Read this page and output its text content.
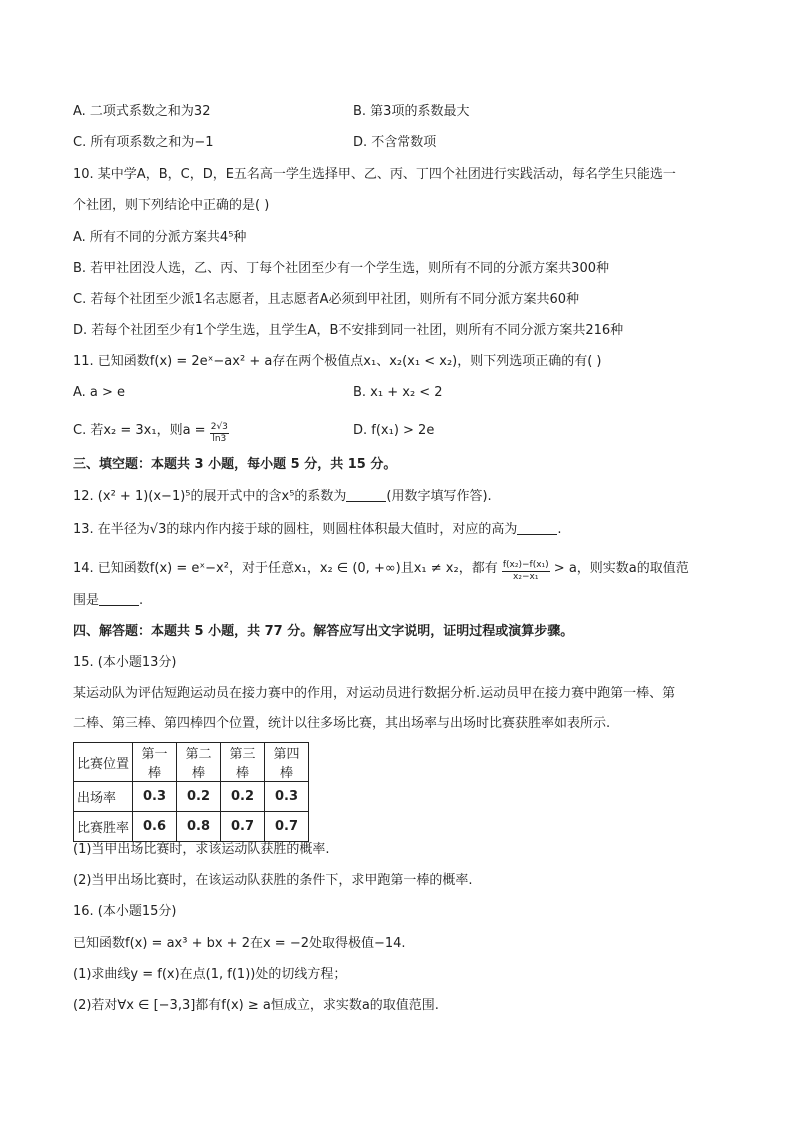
A. 二项式系数之和为32	B. 第3项的系数最大
C. 所有项系数之和为−1	D. 不含常数项
10. 某中学A，B，C，D，E五名高一学生选择甲、乙、丙、丁四个社团进行实践活动，每名学生只能选一
个社团，则下列结论中正确的是( )
A. 所有不同的分派方案共4⁵种
B. 若甲社团没人选，乙、丙、丁每个社团至少有一个学生选，则所有不同的分派方案共300种
C. 若每个社团至少派1名志愿者，且志愿者A必须到甲社团，则所有不同分派方案共60种
D. 若每个社团至少有1个学生选，且学生A，B不安排到同一社团，则所有不同分派方案共216种
11. 已知函数f(x) = 2eˣ−ax² + a存在两个极值点x₁、x₂(x₁ < x₂)，则下列选项正确的有( )
A. a > e	B. x₁ + x₂ < 2
C. 若x₂ = 3x₁，则$a = \frac{2√3}{\ln 3}$	D. f(x₁) > 2e
三、填空题：本题共 3 小题，每小题 5 分，共 15 分。
12. (x² + 1)(x−1)⁵的展开式中的含x⁵的系数为	(用数字填写作答).
13. 在半径为√3的球内作内接于球的圆柱，则圆柱体积最大值时，对应的高为	.
14. 已知函数f(x) = eˣ−x²，对于任意x₁，x₂ ∈ (0, +∞)且x₁ ≠ x₂，都有 $\frac{\text{f(x₂)−f(x₁)}}{\text{x₂−x₁}} > a$，则实数a的取值范
围是	.
四、解答题：本题共 5 小题，共 77 分。解答应写出文字说明，证明过程或演算步骤。
15. (本小题13分)
某运动队为评估短跑运动员在接力赛中的作用，对运动员进行数据分析.运动员甲在接力赛中跑第一棒、第
二棒、第三棒、第四棒四个位置，统计以往多场比赛，其出场率与出场时比赛获胜率如表所示.
比赛位置	第一棒	第二棒	第三棒	第四棒
出场率	0.3	0.2	0.2	0.3
比赛胜率	0.6	0.8	0.7	0.7
(1)当甲出场比赛时，求该运动队获胜的概率.
(2)当甲出场比赛时，在该运动队获胜的条件下，求甲跑第一棒的概率.
16. (本小题15分)
已知函数f(x) = ax³ + bx + 2在x = −2处取得极值−14.
(1)求曲线y = f(x)在点(1, f(1))处的切线方程；
(2)若对∀x ∈ [−3,3]都有f(x) ≥ a恒成立，求实数a的取值范围.
